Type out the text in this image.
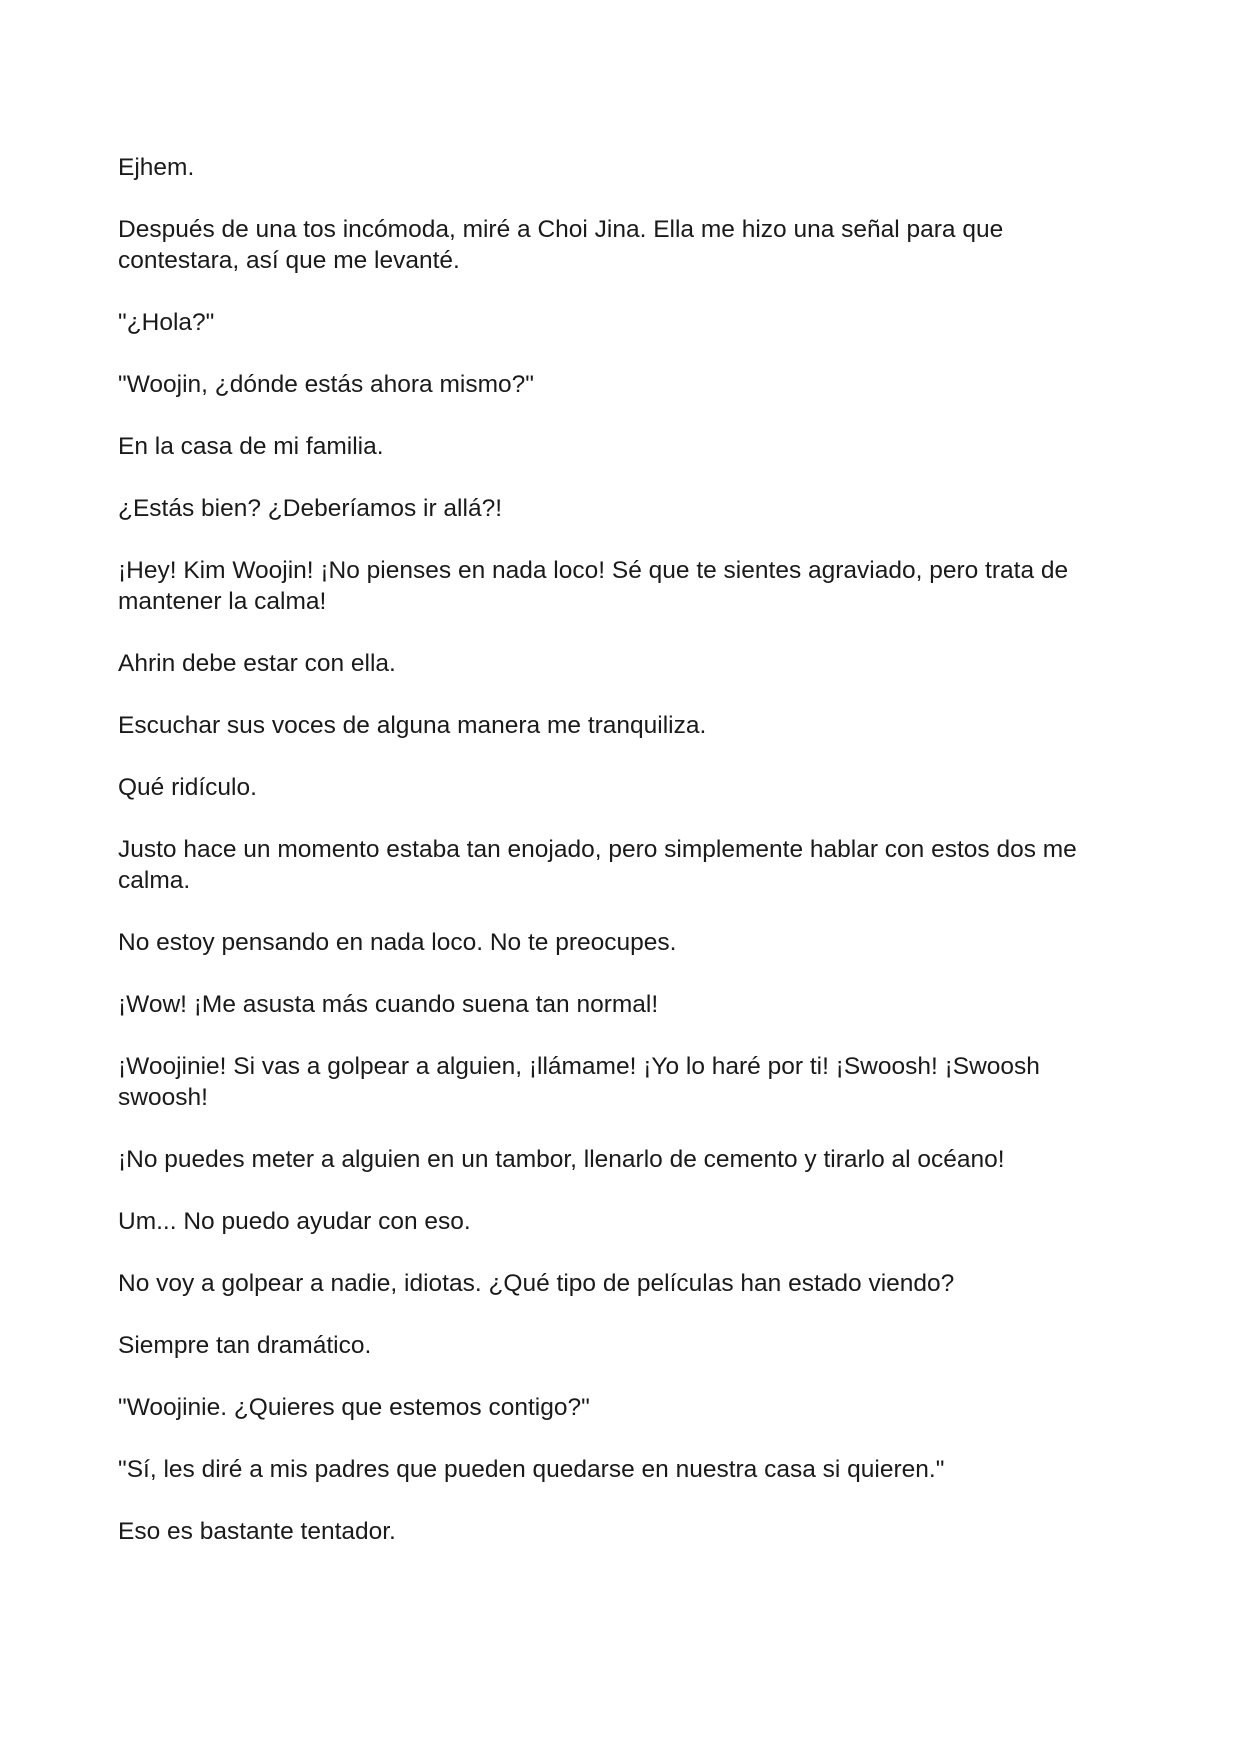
Ejhem.

Después de una tos incómoda, miré a Choi Jina. Ella me hizo una señal para que contestara, así que me levanté.

"¿Hola?"

"Woojin, ¿dónde estás ahora mismo?"

En la casa de mi familia.

¿Estás bien? ¿Deberíamos ir allá?!

¡Hey! Kim Woojin! ¡No pienses en nada loco! Sé que te sientes agraviado, pero trata de mantener la calma!

Ahrin debe estar con ella.

Escuchar sus voces de alguna manera me tranquiliza.

Qué ridículo.

Justo hace un momento estaba tan enojado, pero simplemente hablar con estos dos me calma.

No estoy pensando en nada loco. No te preocupes.

¡Wow! ¡Me asusta más cuando suena tan normal!

¡Woojinie! Si vas a golpear a alguien, ¡llámame! ¡Yo lo haré por ti! ¡Swoosh! ¡Swoosh swoosh!

¡No puedes meter a alguien en un tambor, llenarlo de cemento y tirarlo al océano!

Um... No puedo ayudar con eso.

No voy a golpear a nadie, idiotas. ¿Qué tipo de películas han estado viendo?

Siempre tan dramático.

"Woojinie. ¿Quieres que estemos contigo?"

"Sí, les diré a mis padres que pueden quedarse en nuestra casa si quieren."

Eso es bastante tentador.
